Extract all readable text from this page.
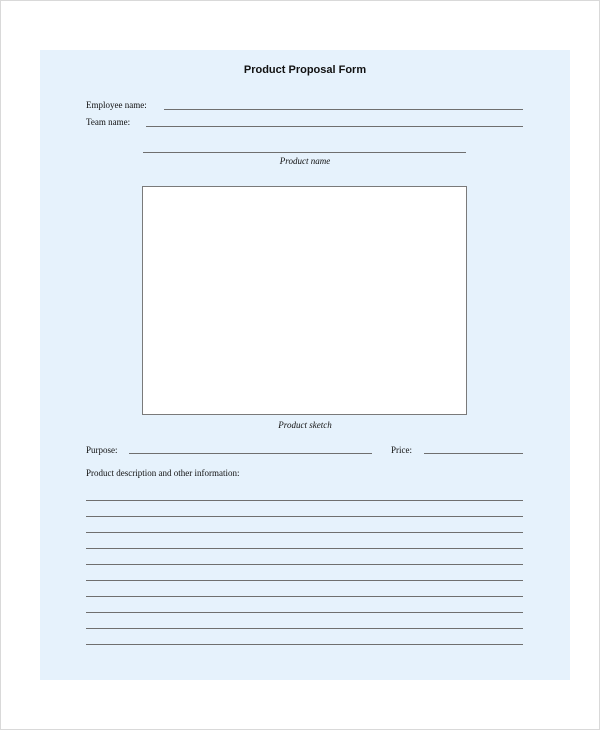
Product Proposal Form
Employee name:
Team name:
Product name
Product sketch
Purpose:	Price:
Product description and other information:
